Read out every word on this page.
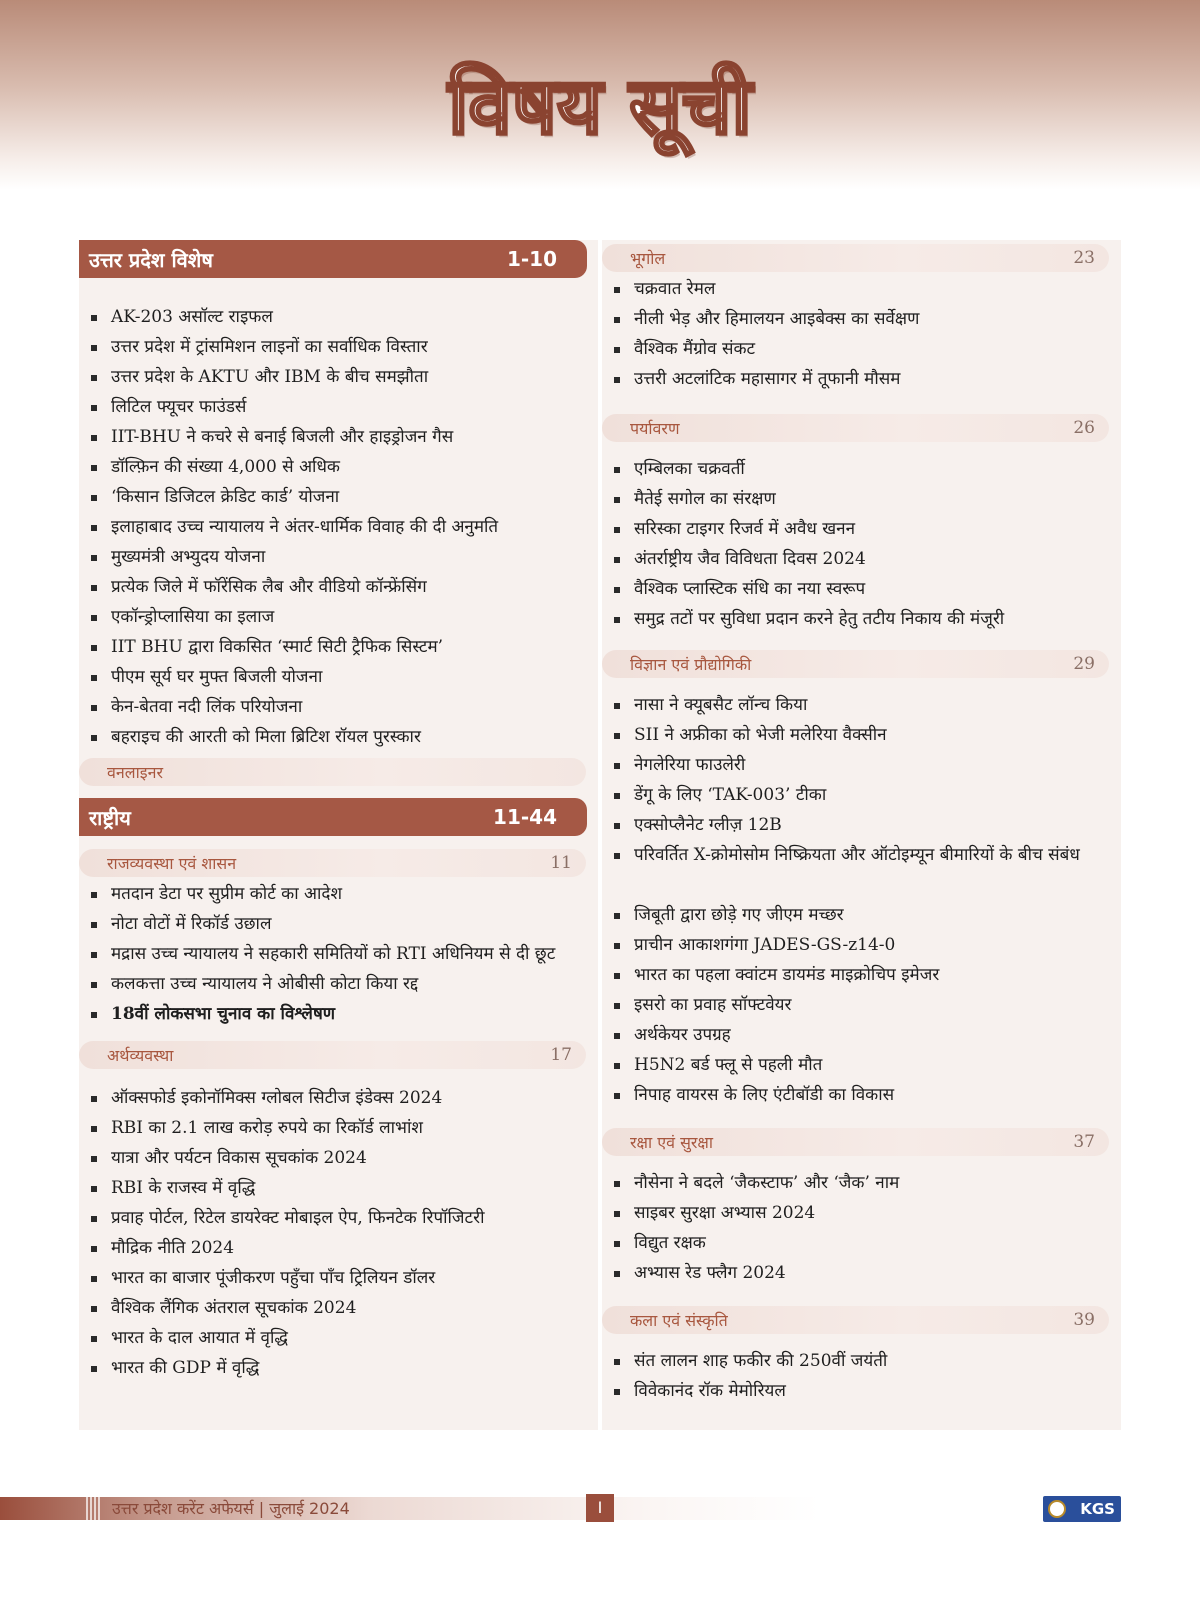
विषय सूची
उत्तर प्रदेश विशेष	1-10
AK-203 असॉल्ट राइफल
उत्तर प्रदेश में ट्रांसमिशन लाइनों का सर्वाधिक विस्तार
उत्तर प्रदेश के AKTU और IBM के बीच समझौता
लिटिल फ्यूचर फाउंडर्स
IIT-BHU ने कचरे से बनाई बिजली और हाइड्रोजन गैस
डॉल्फ़िन की संख्या 4,000 से अधिक
‘किसान डिजिटल क्रेडिट कार्ड’ योजना
इलाहाबाद उच्च न्यायालय ने अंतर-धार्मिक विवाह की दी अनुमति
मुख्यमंत्री अभ्युदय योजना
प्रत्येक जिले में फॉरेंसिक लैब और वीडियो कॉन्फ्रेंसिंग
एकॉन्ड्रोप्लासिया का इलाज
IIT BHU द्वारा विकसित ‘स्मार्ट सिटी ट्रैफिक सिस्टम’
पीएम सूर्य घर मुफ्त बिजली योजना
केन-बेतवा नदी लिंक परियोजना
बहराइच की आरती को मिला ब्रिटिश रॉयल पुरस्कार
वनलाइनर
राष्ट्रीय	11-44
राजव्यवस्था एवं शासन	11
मतदान डेटा पर सुप्रीम कोर्ट का आदेश
नोटा वोटों में रिकॉर्ड उछाल
मद्रास उच्च न्यायालय ने सहकारी समितियों को RTI अधिनियम से दी छूट
कलकत्ता उच्च न्यायालय ने ओबीसी कोटा किया रद्द
18वीं लोकसभा चुनाव का विश्लेषण
अर्थव्यवस्था	17
ऑक्सफोर्ड इकोनॉमिक्स ग्लोबल सिटीज इंडेक्स 2024
RBI का 2.1 लाख करोड़ रुपये का रिकॉर्ड लाभांश
यात्रा और पर्यटन विकास सूचकांक 2024
RBI के राजस्व में वृद्धि
प्रवाह पोर्टल, रिटेल डायरेक्ट मोबाइल ऐप, फिनटेक रिपॉजिटरी
मौद्रिक नीति 2024
भारत का बाजार पूंजीकरण पहुँचा पाँच ट्रिलियन डॉलर
वैश्विक लैंगिक अंतराल सूचकांक 2024
भारत के दाल आयात में वृद्धि
भारत की GDP में वृद्धि
भूगोल	23
चक्रवात रेमल
नीली भेड़ और हिमालयन आइबेक्स का सर्वेक्षण
वैश्विक मैंग्रोव संकट
उत्तरी अटलांटिक महासागर में तूफानी मौसम
पर्यावरण	26
एम्बिलका चक्रवर्ती
मैतेई सगोल का संरक्षण
सरिस्का टाइगर रिजर्व में अवैध खनन
अंतर्राष्ट्रीय जैव विविधता दिवस 2024
वैश्विक प्लास्टिक संधि का नया स्वरूप
समुद्र तटों पर सुविधा प्रदान करने हेतु तटीय निकाय की मंजूरी
विज्ञान एवं प्रौद्योगिकी	29
नासा ने क्यूबसैट लॉन्च किया
SII ने अफ्रीका को भेजी मलेरिया वैक्सीन
नेगलेरिया फाउलेरी
डेंगू के लिए ‘TAK-003’ टीका
एक्सोप्लैनेट ग्लीज़ 12B
परिवर्तित X-क्रोमोसोम निष्क्रियता और ऑटोइम्यून बीमारियों के बीच संबंध
जिबूती द्वारा छोड़े गए जीएम मच्छर
प्राचीन आकाशगंगा JADES-GS-z14-0
भारत का पहला क्वांटम डायमंड माइक्रोचिप इमेजर
इसरो का प्रवाह सॉफ्टवेयर
अर्थकेयर उपग्रह
H5N2 बर्ड फ्लू से पहली मौत
निपाह वायरस के लिए एंटीबॉडी का विकास
रक्षा एवं सुरक्षा	37
नौसेना ने बदले ‘जैकस्टाफ’ और ‘जैक’ नाम
साइबर सुरक्षा अभ्यास 2024
विद्युत रक्षक
अभ्यास रेड फ्लैग 2024
कला एवं संस्कृति	39
संत लालन शाह फकीर की 250वीं जयंती
विवेकानंद रॉक मेमोरियल
उत्तर प्रदेश करेंट अफेयर्स | जुलाई 2024	I	KGS
